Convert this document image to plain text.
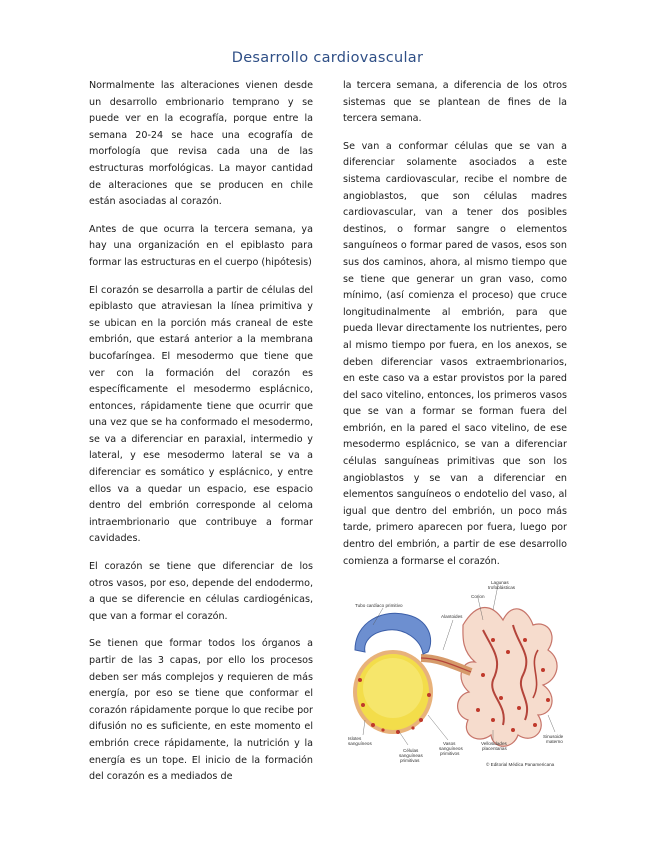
Desarrollo cardiovascular

Normalmente las alteraciones vienen desde un desarrollo embrionario temprano y se puede ver en la ecografía, porque entre la semana 20-24 se hace una ecografía de morfología que revisa cada una de las estructuras morfológicas. La mayor cantidad de alteraciones que se producen en chile están asociadas al corazón.

Antes de que ocurra la tercera semana, ya hay una organización en el epiblasto para formar las estructuras en el cuerpo (hipótesis)

El corazón se desarrolla a partir de células del epiblasto que atraviesan la línea primitiva y se ubican en la porción más craneal de este embrión, que estará anterior a la membrana bucofaríngea. El mesodermo que tiene que ver con la formación del corazón es específicamente el mesodermo esplácnico, entonces, rápidamente tiene que ocurrir que una vez que se ha conformado el mesodermo, se va a diferenciar en paraxial, intermedio y lateral, y ese mesodermo lateral se va a diferenciar es somático y esplácnico, y entre ellos va a quedar un espacio, ese espacio dentro del embrión corresponde al celoma intraembrionario que contribuye a formar cavidades.

El corazón se tiene que diferenciar de los otros vasos, por eso, depende del endodermo, a que se diferencie en células cardiogénicas, que van a formar el corazón.

Se tienen que formar todos los órganos a partir de las 3 capas, por ello los procesos deben ser más complejos y requieren de más energía, por eso se tiene que conformar el corazón rápidamente porque lo que recibe por difusión no es suficiente, en este momento el embrión crece rápidamente, la nutrición y la energía es un tope. El inicio de la formación del corazón es a mediados de

la tercera semana, a diferencia de los otros sistemas que se plantean de fines de la tercera semana.

Se van a conformar células que se van a diferenciar solamente asociados a este sistema cardiovascular, recibe el nombre de angioblastos, que son células madres cardiovascular, van a tener dos posibles destinos, o formar sangre o elementos sanguíneos o formar pared de vasos, esos son sus dos caminos, ahora, al mismo tiempo que se tiene que generar un gran vaso, como mínimo, (así comienza el proceso) que cruce longitudinalmente al embrión, para que pueda llevar directamente los nutrientes, pero al mismo tiempo por fuera, en los anexos, se deben diferenciar vasos extraembrionarios, en este caso va a estar provistos por la pared del saco vitelino, entonces, los primeros vasos que se van a formar se forman fuera del embrión, en la pared el saco vitelino, de ese mesodermo esplácnico, se van a diferenciar células sanguíneas primitivas que son los angioblastos y se van a diferenciar en elementos sanguíneos o endotelio del vaso, al igual que dentro del embrión, un poco más tarde, primero aparecen por fuera, luego por dentro del embrión, a partir de ese desarrollo comienza a formarse el corazón.

Lagunas
trofoblásticas
Corion
Tubo cardíaco primitivo
Alantoides
Islotes
sanguíneos	Vasos
sanguíneos
primitivos
Células
sanguíneas
primitivas
Vellosidades
placentarias
Sinusoide
materno
© Editorial Médica Panamericana
